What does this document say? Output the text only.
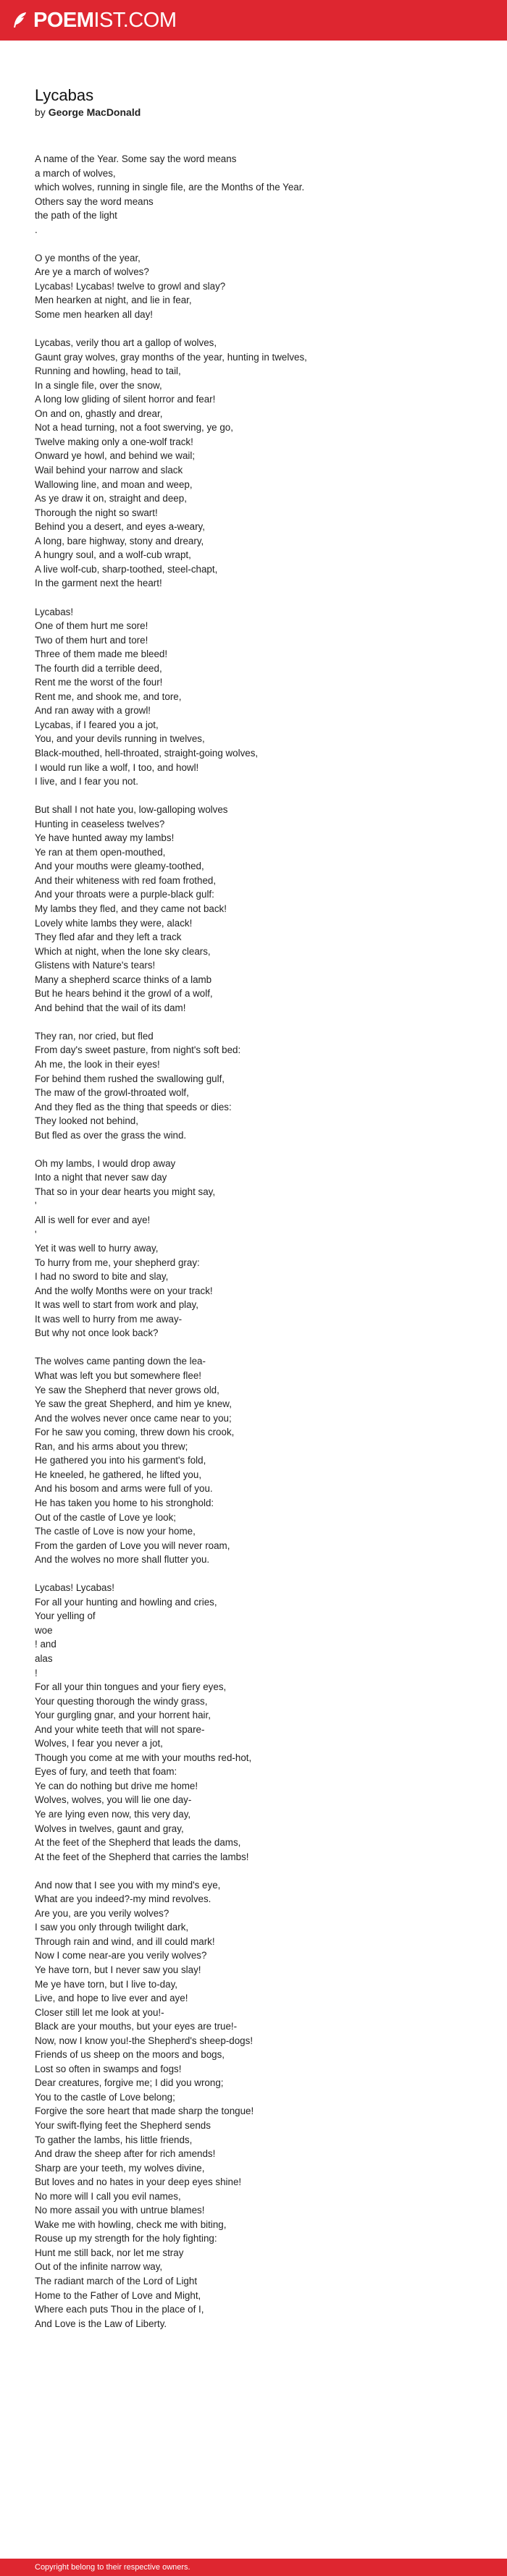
POEMIST.COM
Lycabas

by George MacDonald

A name of the Year. Some say the word means
a march of wolves,
which wolves, running in single file, are the Months of the Year.
Others say the word means
the path of the light
.
O ye months of the year,
Are ye a march of wolves?
Lycabas! Lycabas! twelve to growl and slay?
Men hearken at night, and lie in fear,
Some men hearken all day!
Lycabas, verily thou art a gallop of wolves,
Gaunt gray wolves, gray months of the year, hunting in twelves,
Running and howling, head to tail,
In a single file, over the snow,
A long low gliding of silent horror and fear!
On and on, ghastly and drear,
Not a head turning, not a foot swerving, ye go,
Twelve making only a one-wolf track!
Onward ye howl, and behind we wail;
Wail behind your narrow and slack
Wallowing line, and moan and weep,
As ye draw it on, straight and deep,
Thorough the night so swart!
Behind you a desert, and eyes a-weary,
A long, bare highway, stony and dreary,
A hungry soul, and a wolf-cub wrapt,
A live wolf-cub, sharp-toothed, steel-chapt,
In the garment next the heart!
Lycabas!
One of them hurt me sore!
Two of them hurt and tore!
Three of them made me bleed!
The fourth did a terrible deed,
Rent me the worst of the four!
Rent me, and shook me, and tore,
And ran away with a growl!
Lycabas, if I feared you a jot,
You, and your devils running in twelves,
Black-mouthed, hell-throated, straight-going wolves,
I would run like a wolf, I too, and howl!
I live, and I fear you not.
But shall I not hate you, low-galloping wolves
Hunting in ceaseless twelves?
Ye have hunted away my lambs!
Ye ran at them open-mouthed,
And your mouths were gleamy-toothed,
And their whiteness with red foam frothed,
And your throats were a purple-black gulf:
My lambs they fled, and they came not back!
Lovely white lambs they were, alack!
They fled afar and they left a track
Which at night, when the lone sky clears,
Glistens with Nature's tears!
Many a shepherd scarce thinks of a lamb
But he hears behind it the growl of a wolf,
And behind that the wail of its dam!
They ran, nor cried, but fled
From day's sweet pasture, from night's soft bed:
Ah me, the look in their eyes!
For behind them rushed the swallowing gulf,
The maw of the growl-throated wolf,
And they fled as the thing that speeds or dies:
They looked not behind,
But fled as over the grass the wind.
Oh my lambs, I would drop away
Into a night that never saw day
That so in your dear hearts you might say,
'
All is well for ever and aye!
'
Yet it was well to hurry away,
To hurry from me, your shepherd gray:
I had no sword to bite and slay,
And the wolfy Months were on your track!
It was well to start from work and play,
It was well to hurry from me away-
But why not once look back?
The wolves came panting down the lea-
What was left you but somewhere flee!
Ye saw the Shepherd that never grows old,
Ye saw the great Shepherd, and him ye knew,
And the wolves never once came near to you;
For he saw you coming, threw down his crook,
Ran, and his arms about you threw;
He gathered you into his garment's fold,
He kneeled, he gathered, he lifted you,
And his bosom and arms were full of you.
He has taken you home to his stronghold:
Out of the castle of Love ye look;
The castle of Love is now your home,
From the garden of Love you will never roam,
And the wolves no more shall flutter you.
Lycabas! Lycabas!
For all your hunting and howling and cries,
Your yelling of
woe
! and
alas
!
For all your thin tongues and your fiery eyes,
Your questing thorough the windy grass,
Your gurgling gnar, and your horrent hair,
And your white teeth that will not spare-
Wolves, I fear you never a jot,
Though you come at me with your mouths red-hot,
Eyes of fury, and teeth that foam:
Ye can do nothing but drive me home!
Wolves, wolves, you will lie one day-
Ye are lying even now, this very day,
Wolves in twelves, gaunt and gray,
At the feet of the Shepherd that leads the dams,
At the feet of the Shepherd that carries the lambs!
And now that I see you with my mind's eye,
What are you indeed?-my mind revolves.
Are you, are you verily wolves?
I saw you only through twilight dark,
Through rain and wind, and ill could mark!
Now I come near-are you verily wolves?
Ye have torn, but I never saw you slay!
Me ye have torn, but I live to-day,
Live, and hope to live ever and aye!
Closer still let me look at you!-
Black are your mouths, but your eyes are true!-
Now, now I know you!-the Shepherd's sheep-dogs!
Friends of us sheep on the moors and bogs,
Lost so often in swamps and fogs!
Dear creatures, forgive me; I did you wrong;
You to the castle of Love belong;
Forgive the sore heart that made sharp the tongue!
Your swift-flying feet the Shepherd sends
To gather the lambs, his little friends,
And draw the sheep after for rich amends!
Sharp are your teeth, my wolves divine,
But loves and no hates in your deep eyes shine!
No more will I call you evil names,
No more assail you with untrue blames!
Wake me with howling, check me with biting,
Rouse up my strength for the holy fighting:
Hunt me still back, nor let me stray
Out of the infinite narrow way,
The radiant march of the Lord of Light
Home to the Father of Love and Might,
Where each puts Thou in the place of I,
And Love is the Law of Liberty.
Copyright belong to their respective owners.
